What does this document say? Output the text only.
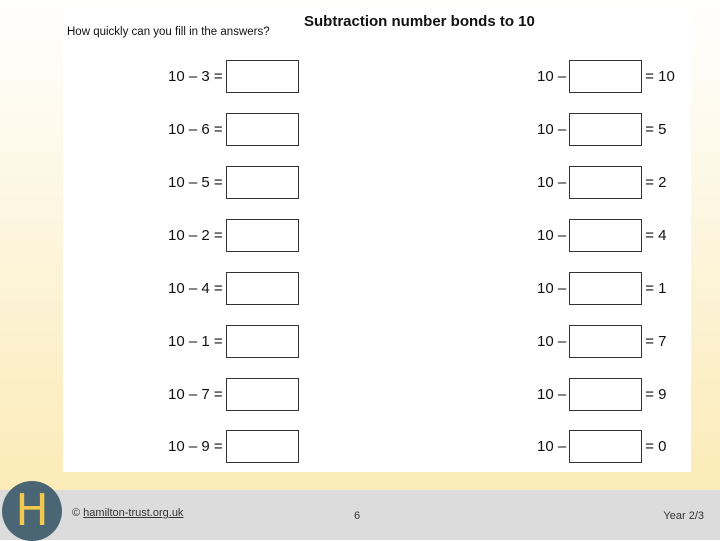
Subtraction number bonds to 10

How quickly can you fill in the answers?

10 – 3 =
10 – 6 =
10 – 5 =
10 – 2 =
10 – 4 =
10 – 1 =
10 – 7 =
10 – 9 =
10 –	= 10
10 –	= 5
10 –	= 2
10 –	= 4
10 –	= 1
10 –	= 7
10 –	= 9
10 –	= 0
H © hamilton-trust.org.uk	6	Year 2/3
